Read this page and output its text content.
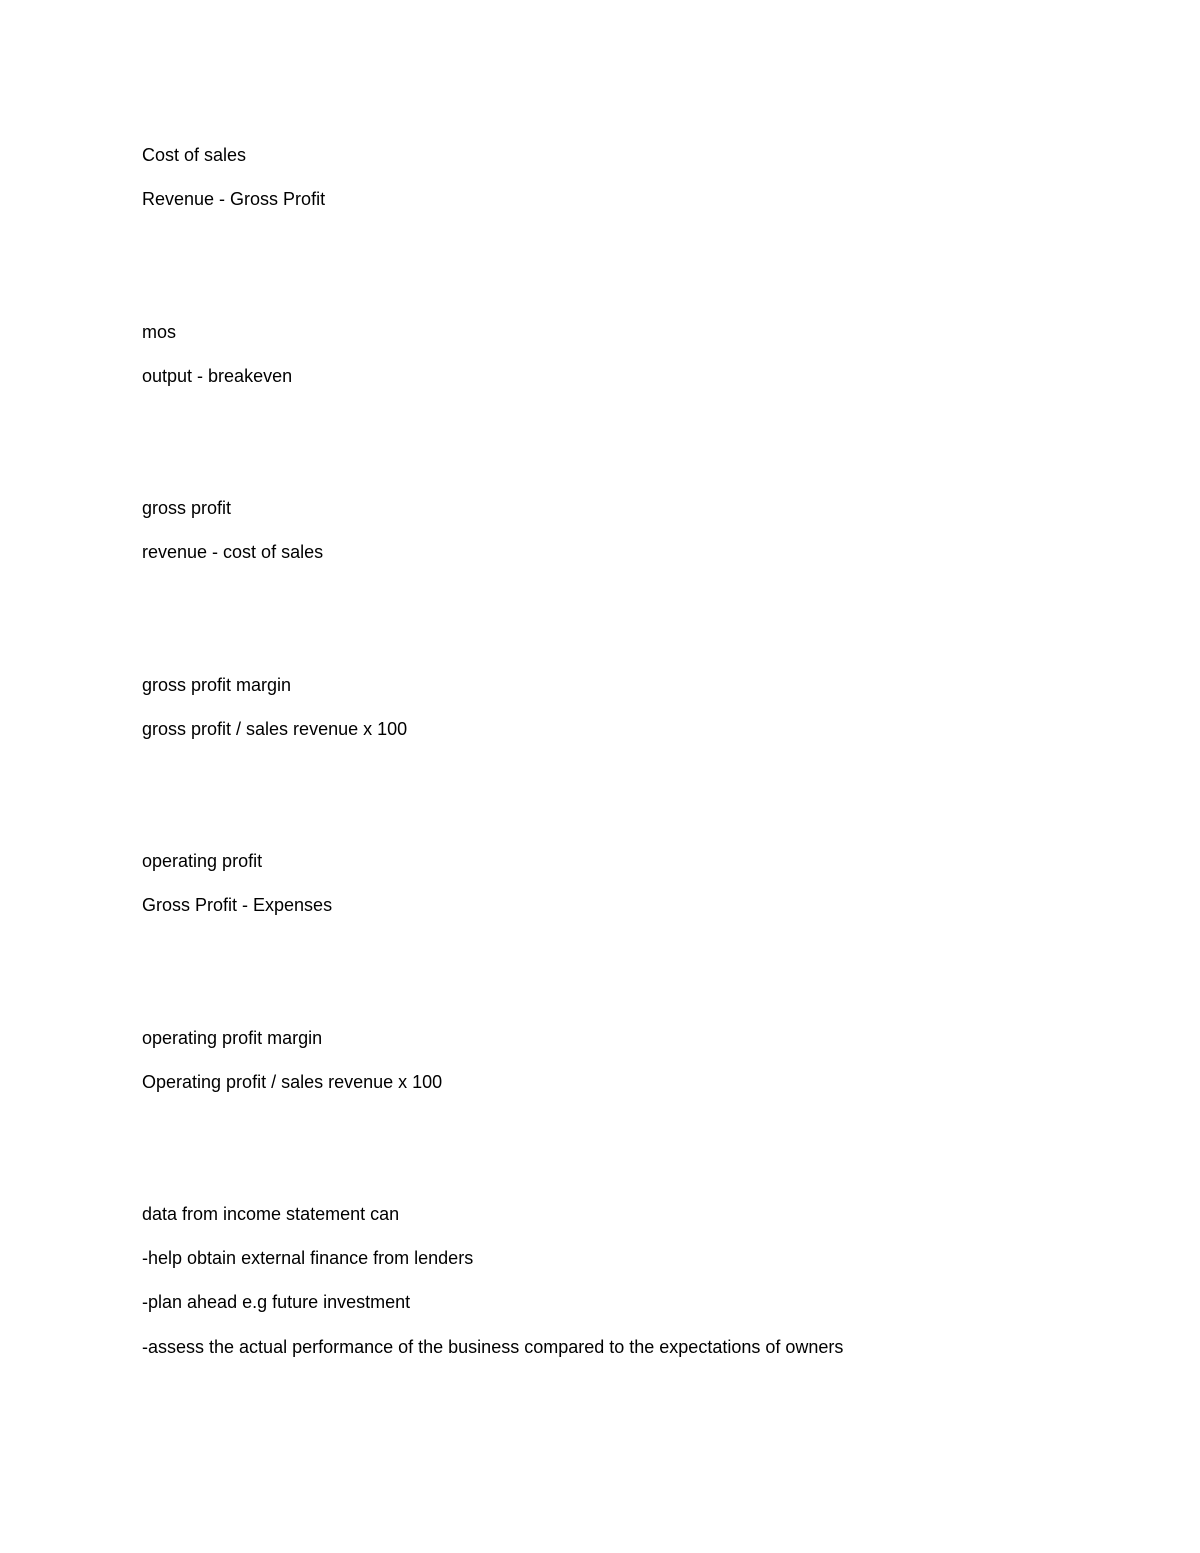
Cost of sales

Revenue - Gross Profit

mos

output - breakeven

gross profit

revenue - cost of sales

gross profit margin

gross profit / sales revenue x 100

operating profit

Gross Profit - Expenses

operating profit margin

Operating profit / sales revenue x 100

data from income statement can

-help obtain external finance from lenders

-plan ahead e.g future investment

-assess the actual performance of the business compared to the expectations of owners
